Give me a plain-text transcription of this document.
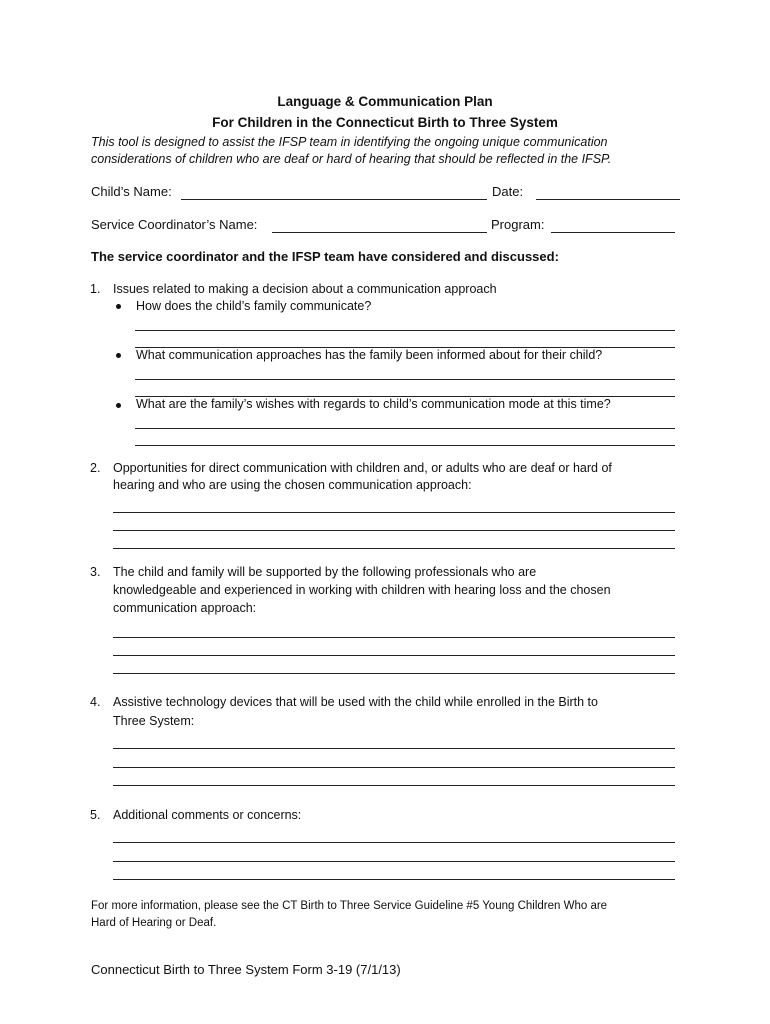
Language & Communication Plan
For Children in the Connecticut Birth to Three System
This tool is designed to assist the IFSP team in identifying the ongoing unique communication
considerations of children who are deaf or hard of hearing that should be reflected in the IFSP.
Child’s Name:	Date:
Service Coordinator’s Name:	Program:
The service coordinator and the IFSP team have considered and discussed:
1. Issues related to making a decision about a communication approach
How does the child’s family communicate?
What communication approaches has the family been informed about for their child?
What are the family’s wishes with regards to child’s communication mode at this time?
2. Opportunities for direct communication with children and, or adults who are deaf or hard of
hearing and who are using the chosen communication approach:
3. The child and family will be supported by the following professionals who are
knowledgeable and experienced in working with children with hearing loss and the chosen
communication approach:
4. Assistive technology devices that will be used with the child while enrolled in the Birth to
Three System:
5. Additional comments or concerns:
For more information, please see the CT Birth to Three Service Guideline #5 Young Children Who are
Hard of Hearing or Deaf.
Connecticut Birth to Three System Form 3-19 (7/1/13)
